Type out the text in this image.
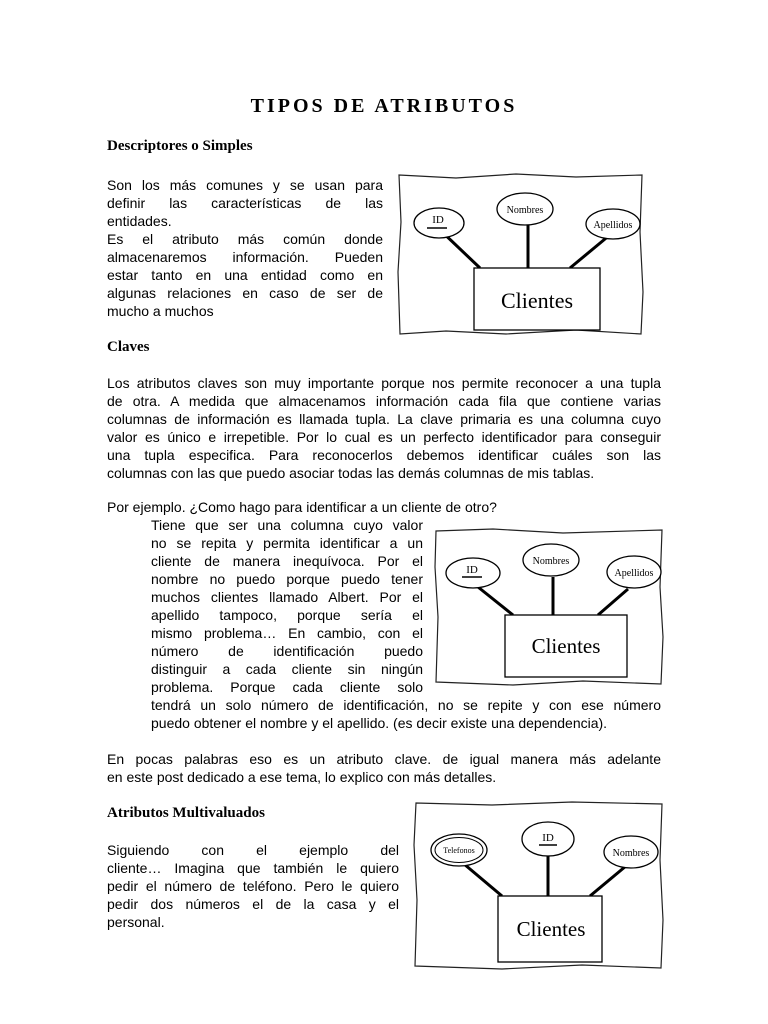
TIPOS DE ATRIBUTOS
Descriptores o Simples
Son los más comunes y se usan para
definir las características de las
entidades.
Es el atributo más común donde
almacenaremos información. Pueden
estar tanto en una entidad como en
algunas relaciones en caso de ser de
mucho a muchos
ID
Nombres
Apellidos
Clientes
Claves
Los atributos claves son muy importante porque nos permite reconocer a una tupla
de otra. A medida que almacenamos información cada fila que contiene varias
columnas de información es llamada tupla. La clave primaria es una columna cuyo
valor es único e irrepetible. Por lo cual es un perfecto identificador para conseguir
una tupla especifica. Para reconocerlos debemos identificar cuáles son las
columnas con las que puedo asociar todas las demás columnas de mis tablas.
Por ejemplo. ¿Como hago para identificar a un cliente de otro?
Tiene que ser una columna cuyo valor
no se repita y permita identificar a un
cliente de manera inequívoca. Por el
nombre no puedo porque puedo tener
muchos clientes llamado Albert. Por el
apellido tampoco, porque sería el
mismo problema… En cambio, con el
número de identificación puedo
distinguir a cada cliente sin ningún
problema. Porque cada cliente solo
tendrá un solo número de identificación, no se repite y con ese número
puedo obtener el nombre y el apellido. (es decir existe una dependencia).
En pocas palabras eso es un atributo clave. de igual manera más adelante
en este post dedicado a ese tema, lo explico con más detalles.
ID
Nombres
Apellidos
Clientes
Atributos Multivaluados
Siguiendo con el ejemplo del
cliente… Imagina que también le quiero
pedir el número de teléfono. Pero le quiero
pedir dos números el de la casa y el
personal.
Telefonos
ID
Nombres
Clientes
